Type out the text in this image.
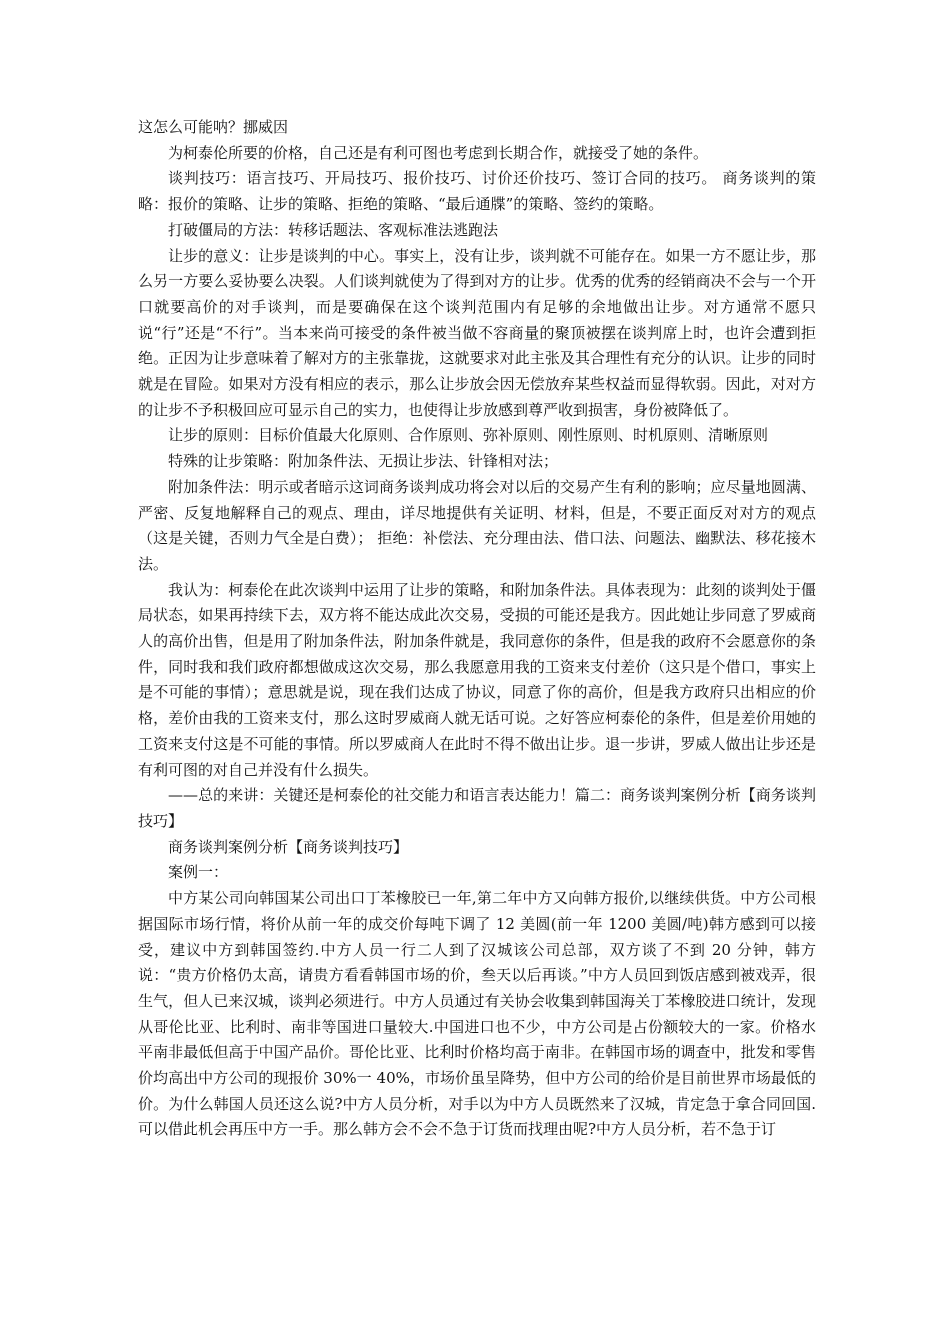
这怎么可能呐？挪威因

为柯泰伦所要的价格，自己还是有利可图也考虑到长期合作，就接受了她的条件。

谈判技巧：语言技巧、开局技巧、报价技巧、讨价还价技巧、签订合同的技巧。 商务谈判的策略：报价的策略、让步的策略、拒绝的策略、“最后通牒”的策略、签约的策略。

打破僵局的方法：转移话题法、客观标准法逃跑法

让步的意义：让步是谈判的中心。事实上，没有让步，谈判就不可能存在。如果一方不愿让步，那么另一方要么妥协要么决裂。人们谈判就使为了得到对方的让步。优秀的优秀的经销商决不会与一个开口就要高价的对手谈判，而是要确保在这个谈判范围内有足够的余地做出让步。对方通常不愿只说“行”还是“不行”。当本来尚可接受的条件被当做不容商量的聚顶被摆在谈判席上时，也许会遭到拒绝。正因为让步意味着了解对方的主张靠拢，这就要求对此主张及其合理性有充分的认识。让步的同时就是在冒险。如果对方没有相应的表示，那么让步放会因无偿放弃某些权益而显得软弱。因此，对对方的让步不予积极回应可显示自己的实力，也使得让步放感到尊严收到损害，身份被降低了。

让步的原则：目标价值最大化原则、合作原则、弥补原则、刚性原则、时机原则、清晰原则

特殊的让步策略：附加条件法、无损让步法、针锋相对法；

附加条件法：明示或者暗示这词商务谈判成功将会对以后的交易产生有利的影响；应尽量地圆满、严密、反复地解释自己的观点、理由，详尽地提供有关证明、材料，但是，不要正面反对对方的观点（这是关键，否则力气全是白费）； 拒绝：补偿法、充分理由法、借口法、问题法、幽默法、移花接木法。

我认为：柯泰伦在此次谈判中运用了让步的策略，和附加条件法。具体表现为：此刻的谈判处于僵局状态，如果再持续下去，双方将不能达成此次交易，受损的可能还是我方。因此她让步同意了罗威商人的高价出售，但是用了附加条件法，附加条件就是，我同意你的条件，但是我的政府不会愿意你的条件，同时我和我们政府都想做成这次交易，那么我愿意用我的工资来支付差价（这只是个借口，事实上是不可能的事情）；意思就是说，现在我们达成了协议，同意了你的高价，但是我方政府只出相应的价格，差价由我的工资来支付，那么这时罗威商人就无话可说。之好答应柯泰伦的条件，但是差价用她的工资来支付这是不可能的事情。所以罗威商人在此时不得不做出让步。退一步讲，罗威人做出让步还是有利可图的对自己并没有什么损失。

——总的来讲：关键还是柯泰伦的社交能力和语言表达能力！篇二：商务谈判案例分析【商务谈判技巧】

商务谈判案例分析【商务谈判技巧】

案例一：

中方某公司向韩国某公司出口丁苯橡胶已一年,第二年中方又向韩方报价,以继续供货。中方公司根据国际市场行情，将价从前一年的成交价每吨下调了 12 美圆(前一年 1200 美圆/吨)韩方感到可以接受，建议中方到韩国签约.中方人员一行二人到了汉城该公司总部，双方谈了不到 20 分钟，韩方说：“贵方价格仍太高，请贵方看看韩国市场的价，叁天以后再谈。”中方人员回到饭店感到被戏弄，很生气，但人已来汉城，谈判必须进行。中方人员通过有关协会收集到韩国海关丁苯橡胶进口统计，发现从哥伦比亚、比利时、南非等国进口量较大.中国进口也不少，中方公司是占份额较大的一家。价格水平南非最低但高于中国产品价。哥伦比亚、比利时价格均高于南非。在韩国市场的调查中，批发和零售价均高出中方公司的现报价 30%一 40%，市场价虽呈降势，但中方公司的给价是目前世界市场最低的价。为什么韩国人员还这么说?中方人员分析，对手以为中方人员既然来了汉城，肯定急于拿合同回国.可以借此机会再压中方一手。那么韩方会不会不急于订货而找理由呢?中方人员分析，若不急于订
